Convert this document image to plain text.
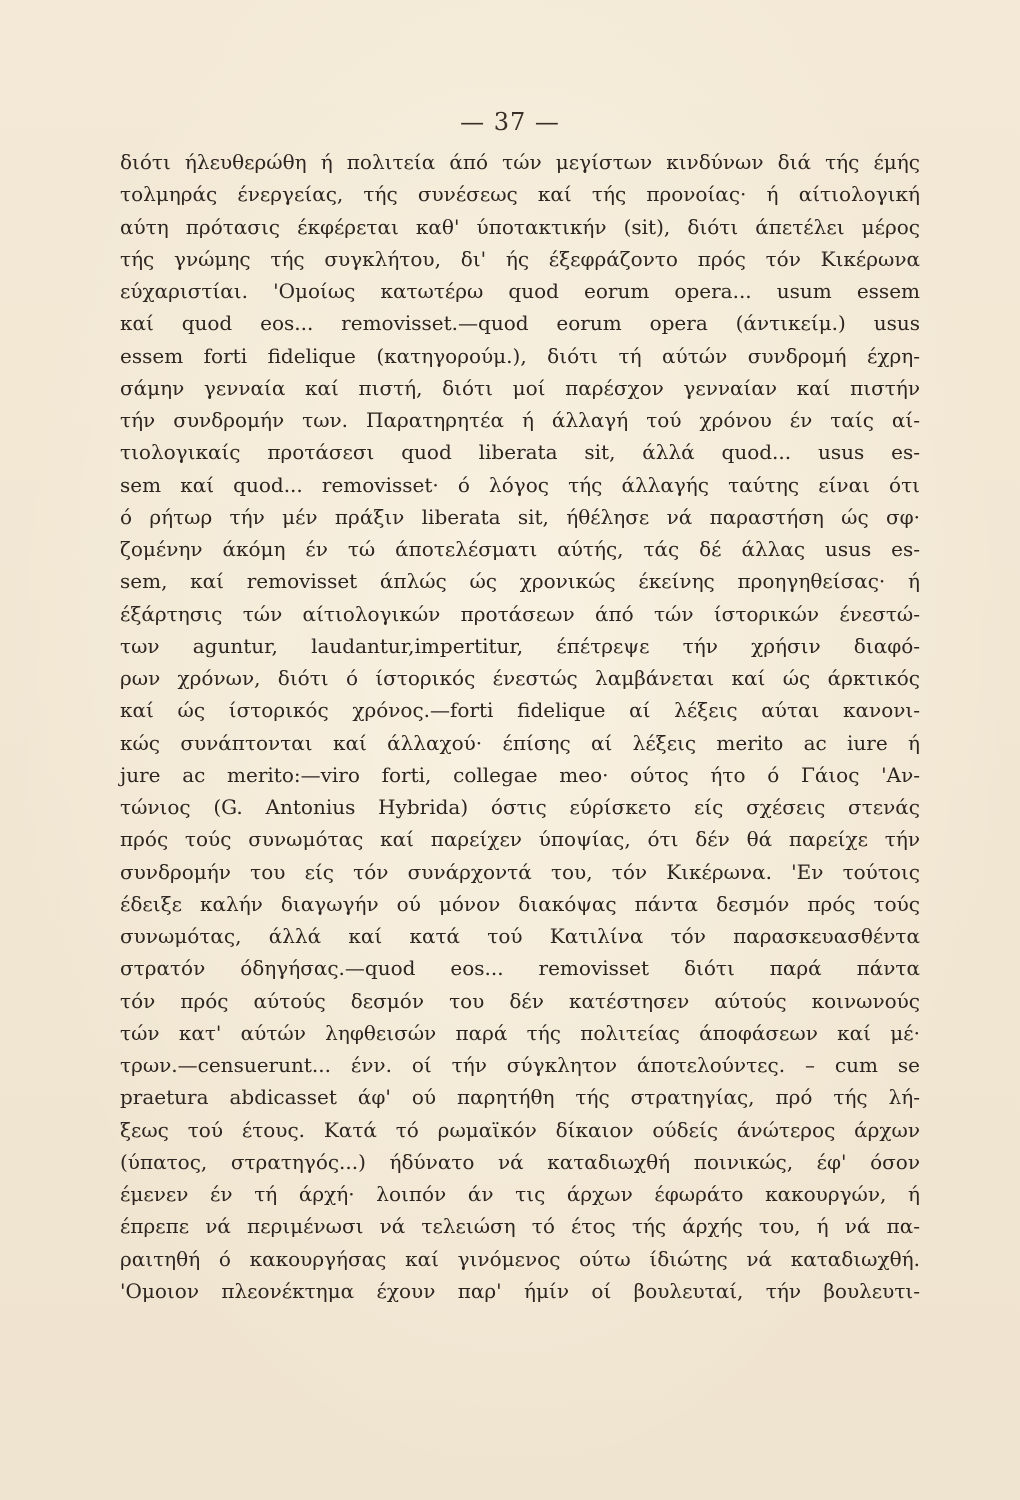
— 37 —
διότι ήλευθερώθη ή πολιτεία άπό τών μεγίστων κινδύνων διά τής έμής
τολμηράς ένεργείας, τής συνέσεως καί τής προνοίας· ή αίτιολογική
αύτη πρότασις έκφέρεται καθ' ύποτακτικήν (sit), διότι άπετέλει μέρος
τής γνώμης τής συγκλήτου, δι' ής έξεφράζοντο πρός τόν Κικέρωνα
εύχαριστίαι. 'Ομοίως κατωτέρω quod eorum opera... usum essem
καί quod eos... removisset.—quod eorum opera (άντικείμ.) usus
essem forti fidelique (κατηγορούμ.), διότι τή αύτών συνδρομή έχρη-
σάμην γενναία καί πιστή, διότι μοί παρέσχον γενναίαν καί πιστήν
τήν συνδρομήν των. Παρατηρητέα ή άλλαγή τού χρόνου έν ταίς αί-
τιολογικαίς προτάσεσι quod liberata sit, άλλά quod... usus es-
sem καί quod... removisset· ό λόγος τής άλλαγής ταύτης είναι ότι
ό ρήτωρ τήν μέν πράξιν liberata sit, ήθέλησε νά παραστήση ώς σφ·
ζομένην άκόμη έν τώ άποτελέσματι αύτής, τάς δέ άλλας usus es-
sem, καί removisset άπλώς ώς χρονικώς έκείνης προηγηθείσας· ή
έξάρτησις τών αίτιολογικών προτάσεων άπό τών ίστορικών ένεστώ-
των aguntur, laudantur,impertitur, έπέτρεψε τήν χρήσιν διαφό-
ρων χρόνων, διότι ό ίστορικός ένεστώς λαμβάνεται καί ώς άρκτικός
καί ώς ίστορικός χρόνος.—forti fidelique αί λέξεις αύται κανονι-
κώς συνάπτονται καί άλλαχού· έπίσης αί λέξεις merito ac iure ή
jure ac merito:—viro forti, collegae meo· ούτος ήτο ό Γάιος 'Αν-
τώνιος (G. Antonius Hybrida) όστις εύρίσκετο είς σχέσεις στενάς
πρός τούς συνωμότας καί παρείχεν ύποψίας, ότι δέν θά παρείχε τήν
συνδρομήν του είς τόν συνάρχοντά του, τόν Κικέρωνα. 'Εν τούτοις
έδειξε καλήν διαγωγήν ού μόνον διακόψας πάντα δεσμόν πρός τούς
συνωμότας, άλλά καί κατά τού Κατιλίνα τόν παρασκευασθέντα
στρατόν όδηγήσας.—quod eos... removisset διότι παρά πάντα
τόν πρός αύτούς δεσμόν του δέν κατέστησεν αύτούς κοινωνούς
τών κατ' αύτών ληφθεισών παρά τής πολιτείας άποφάσεων καί μέ·
τρων.—censuerunt... ένν. οί τήν σύγκλητον άποτελούντες. – cum se
praetura abdicasset άφ' ού παρητήθη τής στρατηγίας, πρό τής λή-
ξεως τού έτους. Κατά τό ρωμαϊκόν δίκαιον ούδείς άνώτερος άρχων
(ύπατος, στρατηγός...) ήδύνατο νά καταδιωχθή ποινικώς, έφ' όσον
έμενεν έν τή άρχή· λοιπόν άν τις άρχων έφωράτο κακουργών, ή
έπρεπε νά περιμένωσι νά τελειώση τό έτος τής άρχής του, ή νά πα-
ραιτηθή ό κακουργήσας καί γινόμενος ούτω ίδιώτης νά καταδιωχθή.
'Ομοιον πλεονέκτημα έχουν παρ' ήμίν οί βουλευταί, τήν βουλευτι-
